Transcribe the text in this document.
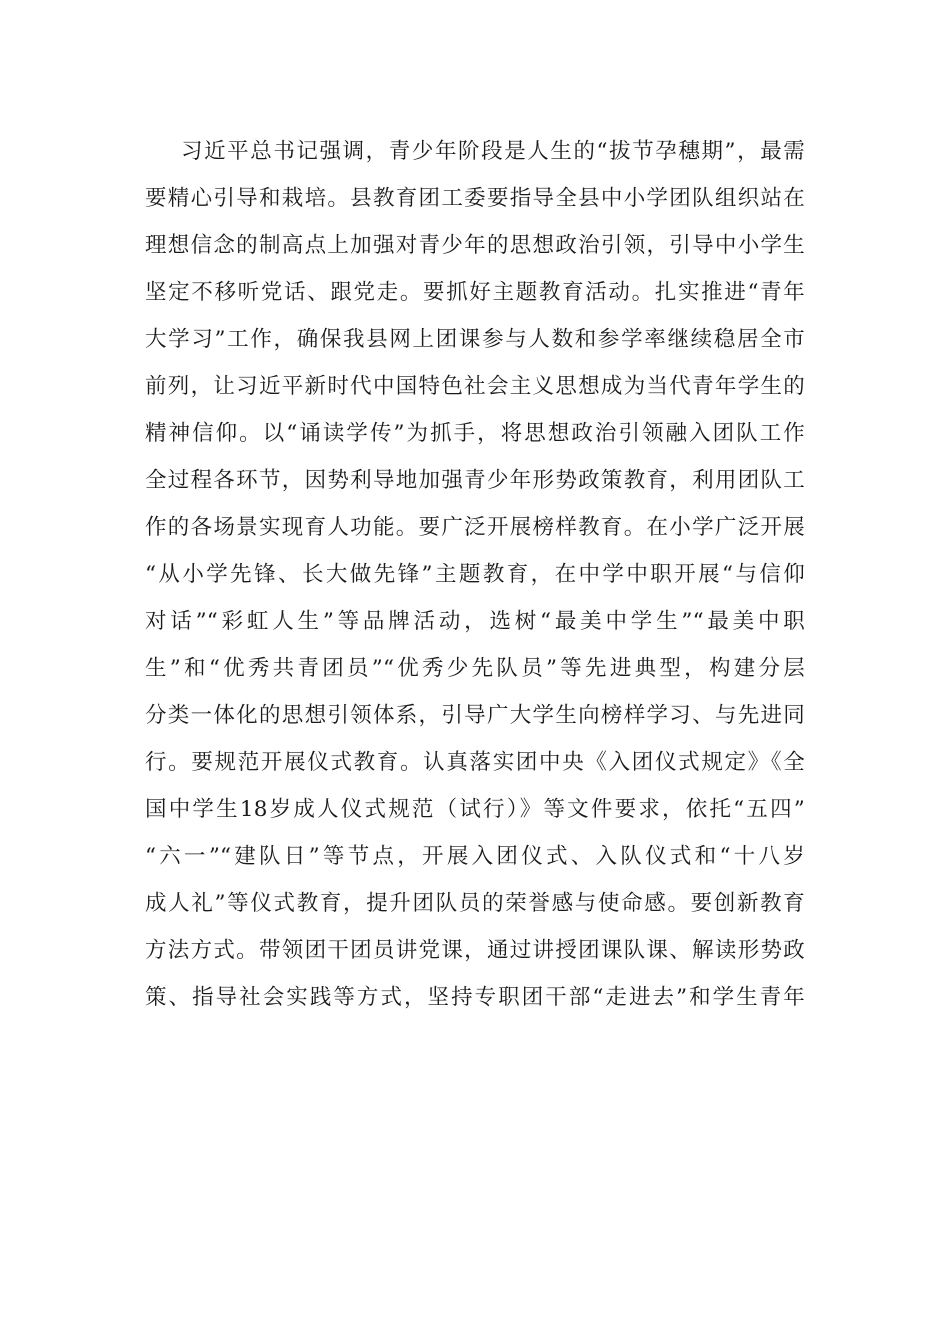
习近平总书记强调，青少年阶段是人生的“拔节孕穗期”，最需
要精心引导和栽培。县教育团工委要指导全县中小学团队组织站在
理想信念的制高点上加强对青少年的思想政治引领，引导中小学生
坚定不移听党话、跟党走。要抓好主题教育活动。扎实推进“青年
大学习”工作，确保我县网上团课参与人数和参学率继续稳居全市
前列，让习近平新时代中国特色社会主义思想成为当代青年学生的
精神信仰。以“诵读学传”为抓手，将思想政治引领融入团队工作
全过程各环节，因势利导地加强青少年形势政策教育，利用团队工
作的各场景实现育人功能。要广泛开展榜样教育。在小学广泛开展
“从小学先锋、长大做先锋”主题教育，在中学中职开展“与信仰
对话”“彩虹人生”等品牌活动，选树“最美中学生”“最美中职
生”和“优秀共青团员”“优秀少先队员”等先进典型，构建分层
分类一体化的思想引领体系，引导广大学生向榜样学习、与先进同
行。要规范开展仪式教育。认真落实团中央《入团仪式规定》《全
国中学生18岁成人仪式规范（试行）》等文件要求，依托“五四”
“六一”“建队日”等节点，开展入团仪式、入队仪式和“十八岁
成人礼”等仪式教育，提升团队员的荣誉感与使命感。要创新教育
方法方式。带领团干团员讲党课，通过讲授团课队课、解读形势政
策、指导社会实践等方式，坚持专职团干部“走进去”和学生青年
